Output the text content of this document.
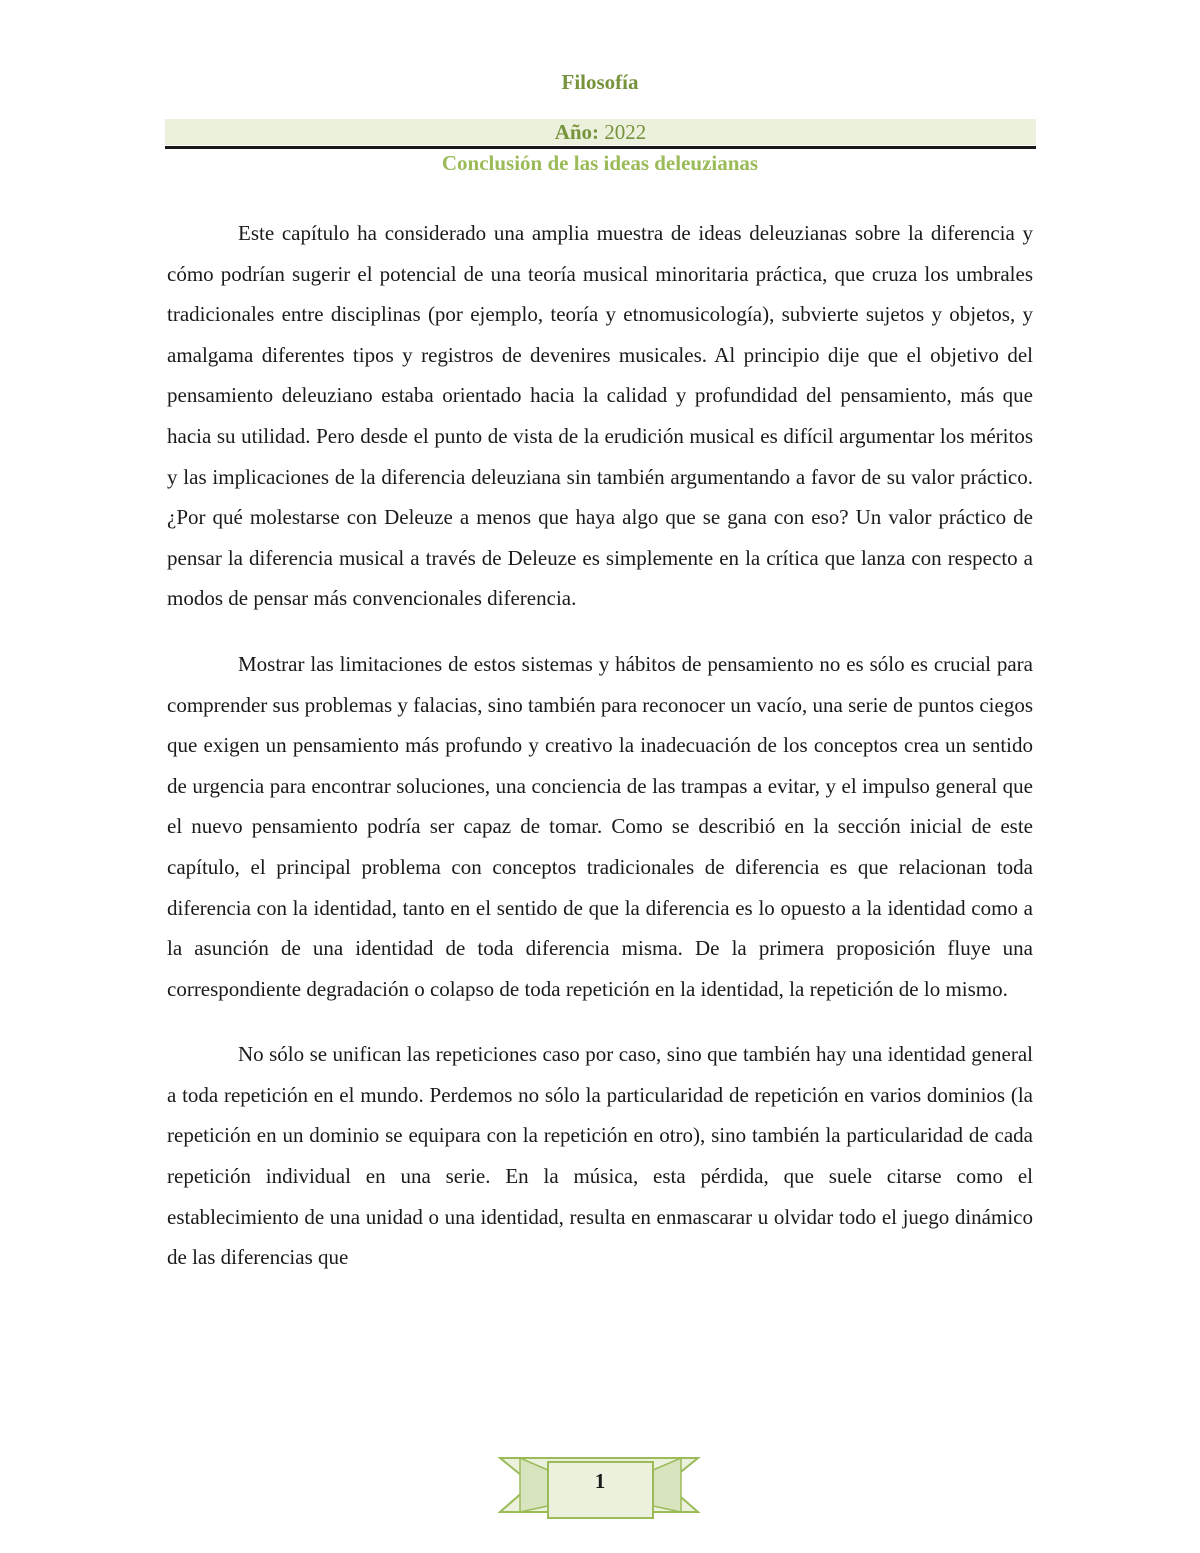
Filosofía
Año: 2022
Conclusión de las ideas deleuzianas

Este capítulo ha considerado una amplia muestra de ideas deleuzianas sobre la diferencia y cómo podrían sugerir el potencial de una teoría musical minoritaria práctica, que cruza los umbrales tradicionales entre disciplinas (por ejemplo, teoría y etnomusicología), subvierte sujetos y objetos, y amalgama diferentes tipos y registros de devenires musicales. Al principio dije que el objetivo del pensamiento deleuziano estaba orientado hacia la calidad y profundidad del pensamiento, más que hacia su utilidad. Pero desde el punto de vista de la erudición musical es difícil argumentar los méritos y las implicaciones de la diferencia deleuziana sin también argumentando a favor de su valor práctico. ¿Por qué molestarse con Deleuze a menos que haya algo que se gana con eso? Un valor práctico de pensar la diferencia musical a través de Deleuze es simplemente en la crítica que lanza con respecto a modos de pensar más convencionales diferencia.

Mostrar las limitaciones de estos sistemas y hábitos de pensamiento no es sólo es crucial para comprender sus problemas y falacias, sino también para reconocer un vacío, una serie de puntos ciegos que exigen un pensamiento más profundo y creativo la inadecuación de los conceptos crea un sentido de urgencia para encontrar soluciones, una conciencia de las trampas a evitar, y el impulso general que el nuevo pensamiento podría ser capaz de tomar. Como se describió en la sección inicial de este capítulo, el principal problema con conceptos tradicionales de diferencia es que relacionan toda diferencia con la identidad, tanto en el sentido de que la diferencia es lo opuesto a la identidad como a la asunción de una identidad de toda diferencia misma. De la primera proposición fluye una correspondiente degradación o colapso de toda repetición en la identidad, la repetición de lo mismo.

No sólo se unifican las repeticiones caso por caso, sino que también hay una identidad general a toda repetición en el mundo. Perdemos no sólo la particularidad de repetición en varios dominios (la repetición en un dominio se equipara con la repetición en otro), sino también la particularidad de cada repetición individual en una serie. En la música, esta pérdida, que suele citarse como el establecimiento de una unidad o una identidad, resulta en enmascarar u olvidar todo el juego dinámico de las diferencias que

1
